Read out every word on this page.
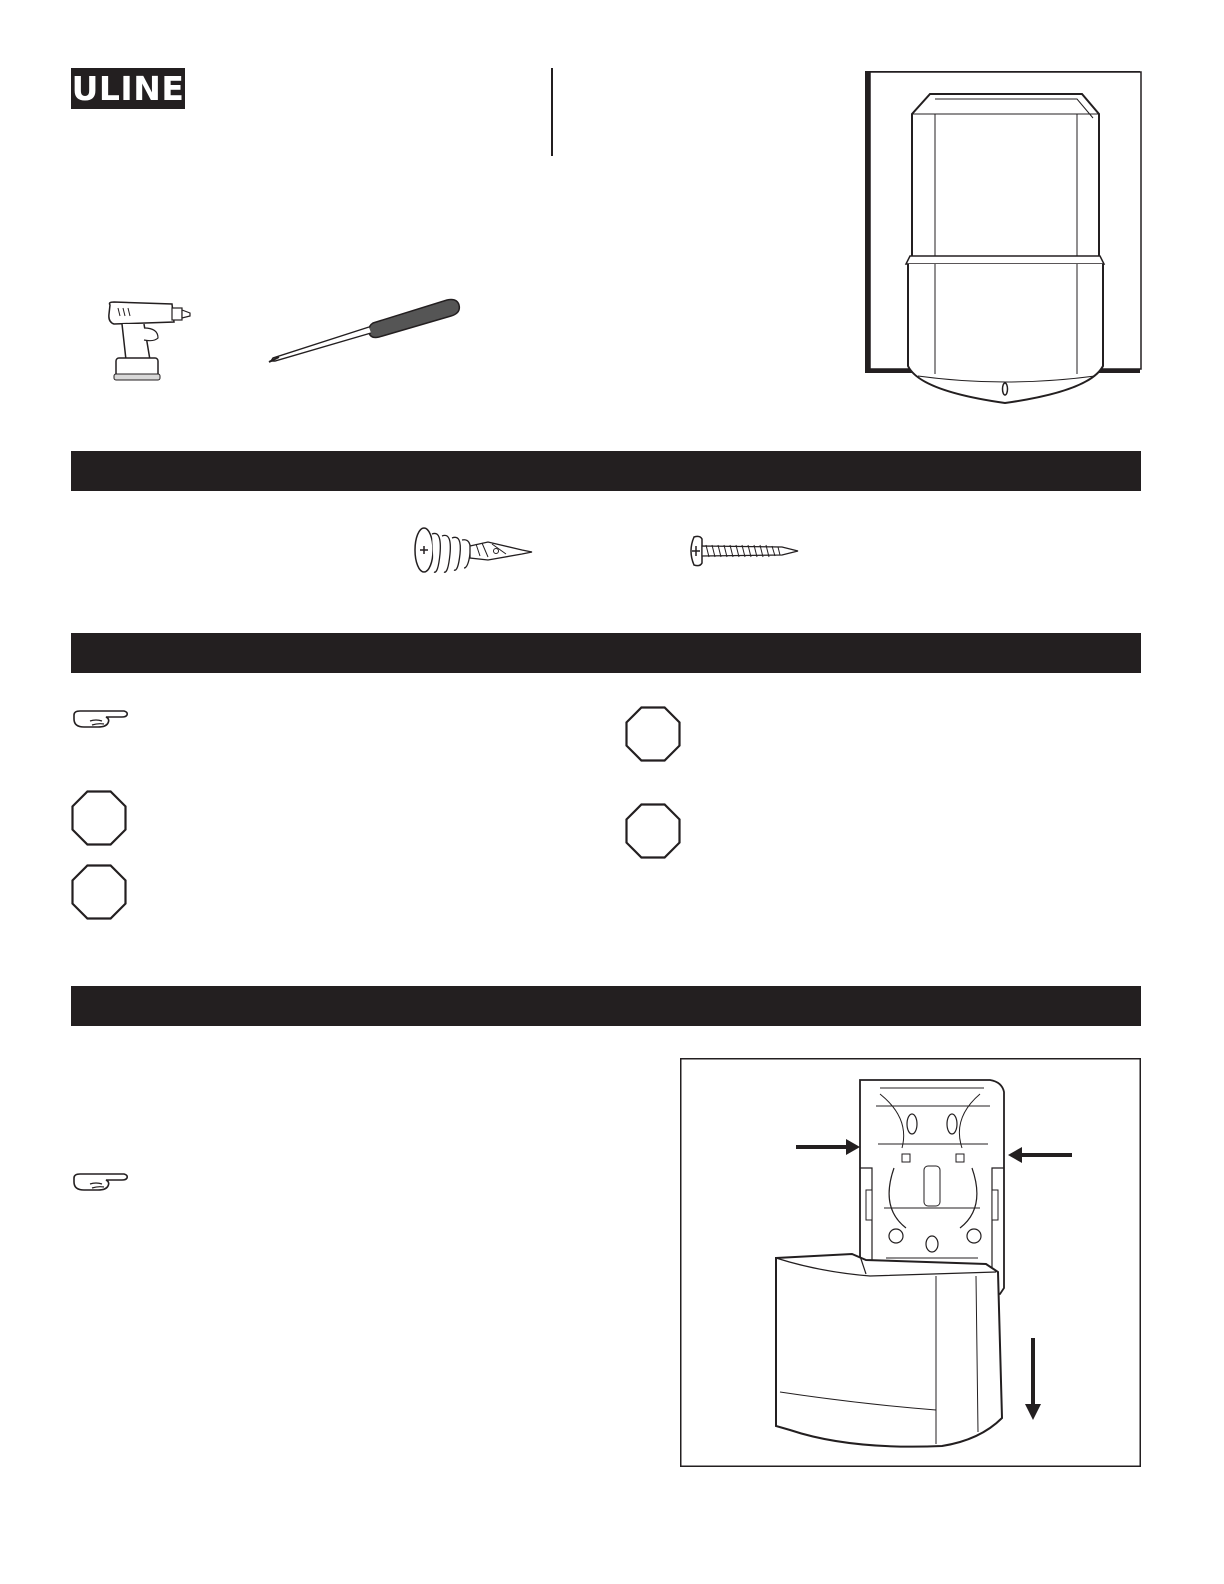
ULINE
